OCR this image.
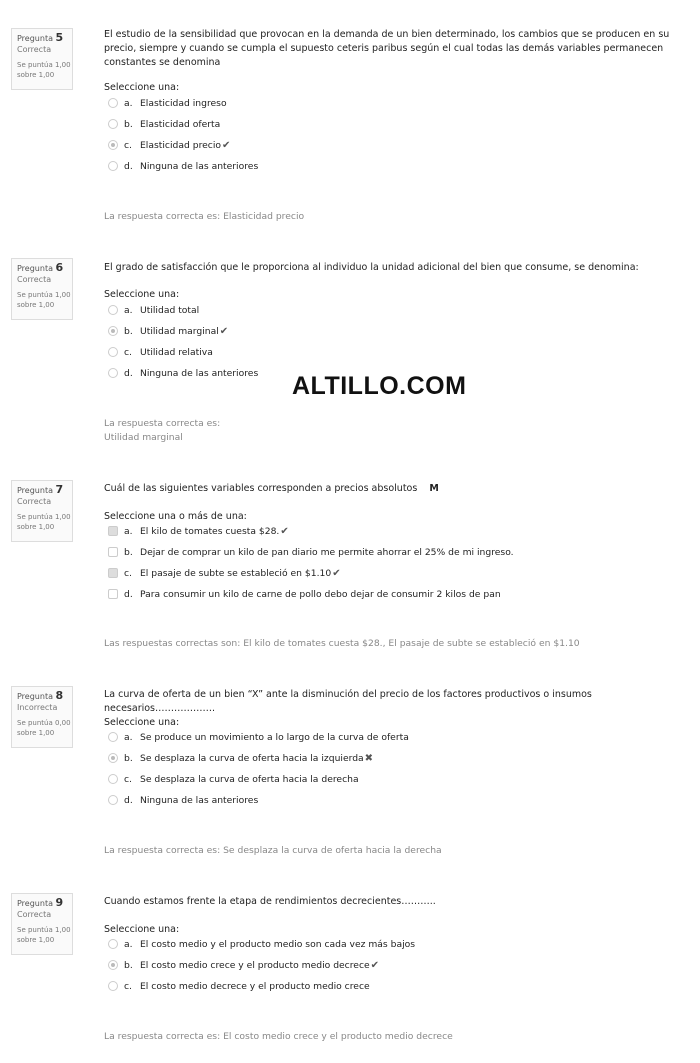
Pregunta 5
Correcta
Se puntúa 1,00
sobre 1,00
El estudio de la sensibilidad que provocan en la demanda de un bien determinado, los cambios que se producen en su precio, siempre y cuando se cumpla el supuesto ceteris paribus según el cual todas las demás variables permanecen constantes se denomina
Seleccione una:
a. Elasticidad ingreso
b. Elasticidad oferta
c. Elasticidad precio✔
d. Ninguna de las anteriores
La respuesta correcta es: Elasticidad precio
Pregunta 6
Correcta
Se puntúa 1,00
sobre 1,00
El grado de satisfacción que le proporciona al individuo la unidad adicional del bien que consume, se denomina:
Seleccione una:
a. Utilidad total
b. Utilidad marginal✔
c. Utilidad relativa
d. Ninguna de las anteriores
La respuesta correcta es:
Utilidad marginal
ALTILLO.COM
Pregunta 7
Correcta
Se puntúa 1,00
sobre 1,00
Cuál de las siguientes variables corresponden a precios absolutos M
Seleccione una o más de una:
a. El kilo de tomates cuesta $28.✔
b. Dejar de comprar un kilo de pan diario me permite ahorrar el 25% de mi ingreso.
c. El pasaje de subte se estableció en $1.10✔
d. Para consumir un kilo de carne de pollo debo dejar de consumir 2 kilos de pan
Las respuestas correctas son: El kilo de tomates cuesta $28., El pasaje de subte se estableció en $1.10
Pregunta 8
Incorrecta
Se puntúa 0,00
sobre 1,00
La curva de oferta de un bien “X” ante la disminución del precio de los factores productivos o insumos necesarios……………….
Seleccione una:
a. Se produce un movimiento a lo largo de la curva de oferta
b. Se desplaza la curva de oferta hacia la izquierda✖
c. Se desplaza la curva de oferta hacia la derecha
d. Ninguna de las anteriores
La respuesta correcta es: Se desplaza la curva de oferta hacia la derecha
Pregunta 9
Correcta
Se puntúa 1,00
sobre 1,00
Cuando estamos frente la etapa de rendimientos decrecientes………..
Seleccione una:
a. El costo medio y el producto medio son cada vez más bajos
b. El costo medio crece y el producto medio decrece✔
c. El costo medio decrece y el producto medio crece
La respuesta correcta es: El costo medio crece y el producto medio decrece
